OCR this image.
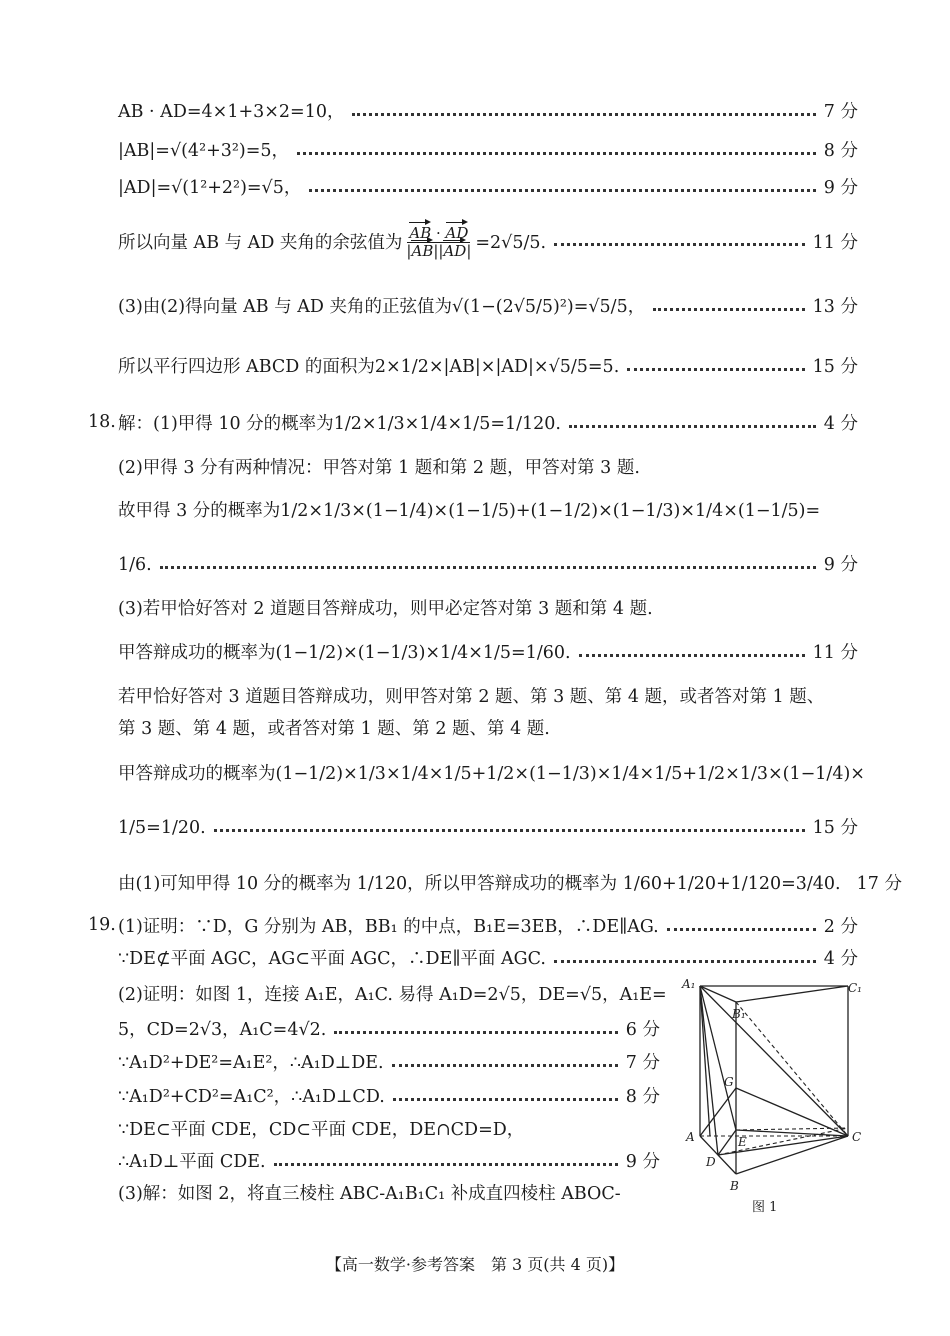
AB · AD=4×1+3×2=10，	7 分
|AB|=√(4²+3²)=5，	8 分
|AD|=√(1²+2²)=√5，	9 分
所以向量 AB 与 AD 夹角的余弦值为 $\frac{AB \cdot AD}{|AB||AD|} =2√5/5$.	11 分
(3)由(2)得向量 AB 与 AD 夹角的正弦值为 √(1−(2√5/5)²)=√5/5，	13 分
所以平行四边形 ABCD 的面积为 2×1/2×|AB|×|AD|×√5/5=5.	15 分
18. 解：(1)甲得 10 分的概率为 1/2×1/3×1/4×1/5=1/120.	4 分
(2)甲得 3 分有两种情况：甲答对第 1 题和第 2 题，甲答对第 3 题.
故甲得 3 分的概率为 1/2×1/3×(1−1/4)×(1−1/5)+(1−1/2)×(1−1/3)×1/4×(1−1/5)=
1/6.	9 分
(3)若甲恰好答对 2 道题目答辩成功，则甲必定答对第 3 题和第 4 题.
甲答辩成功的概率为 (1−1/2)×(1−1/3)×1/4×1/5=1/60.	11 分
若甲恰好答对 3 道题目答辩成功，则甲答对第 2 题、第 3 题、第 4 题，或者答对第 1 题、
第 3 题、第 4 题，或者答对第 1 题、第 2 题、第 4 题.
甲答辩成功的概率为 (1−1/2)×1/3×1/4×1/5+1/2×(1−1/3)×1/4×1/5+1/2×1/3×(1−1/4)×
1/5=1/20.	15 分
由(1)可知甲得 10 分的概率为 1/120，所以甲答辩成功的概率为 1/60+1/20+1/120=3/40. 17 分
19. (1)证明：∵D，G 分别为 AB，BB₁ 的中点，B₁E=3EB，∴DE∥AG.	2 分
∵DE⊄平面 AGC，AG⊂平面 AGC，∴DE∥平面 AGC.	4 分
(2)证明：如图 1，连接 A₁E，A₁C. 易得 A₁D=2√5，DE=√5，A₁E=
5，CD=2√3，A₁C=4√2.	6 分
∵A₁D²+DE²=A₁E²，∴A₁D⊥DE.	7 分
∵A₁D²+CD²=A₁C²，∴A₁D⊥CD.	8 分
∵DE⊂平面 CDE，CD⊂平面 CDE，DE∩CD=D，
∴A₁D⊥平面 CDE.	9 分
(3)解：如图 2，将直三棱柱 ABC-A₁B₁C₁ 补成直四棱柱 ABOC-
A₁
B₁
C₁
A
B
C
D
E
G
图 1
【高一数学·参考答案　第 3 页(共 4 页)】
